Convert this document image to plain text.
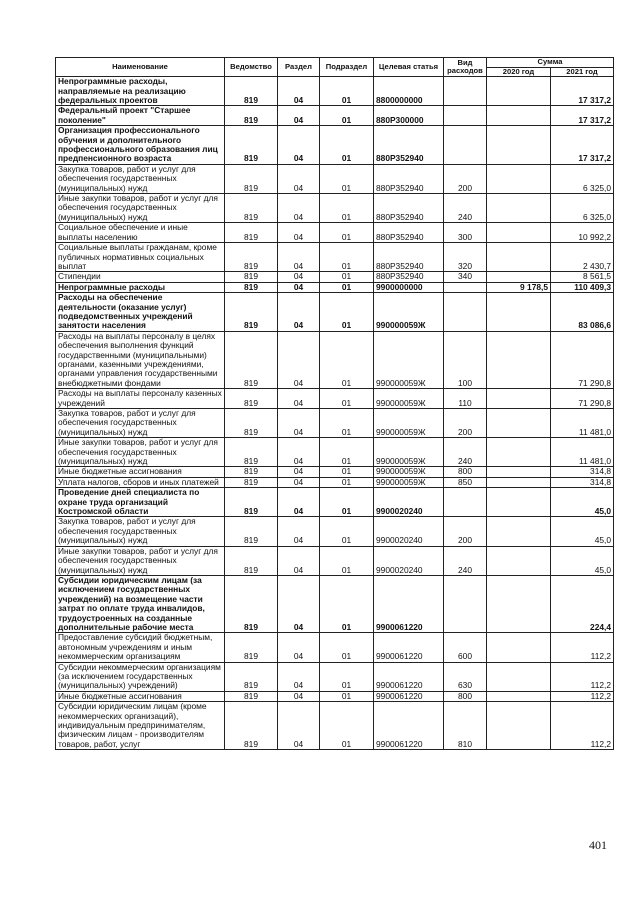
Наименование	Ведомство	Раздел	Подраздел	Целевая статья	Вид расходов	Сумма	
						2020 год	2021 год
Непрограммные расходы, направляемые на реализацию федеральных проектов	819	04	01	8800000000			17 317,2
Федеральный проект "Старшее поколение"	819	04	01	880P300000			17 317,2
Организация профессионального обучения и дополнительного профессионального образования лиц предпенсионного возраста	819	04	01	880P352940			17 317,2
Закупка товаров, работ и услуг для обеспечения государственных (муниципальных) нужд	819	04	01	880P352940	200		6 325,0
Иные закупки товаров, работ и услуг для обеспечения государственных (муниципальных) нужд	819	04	01	880P352940	240		6 325,0
Социальное обеспечение и иные выплаты населению	819	04	01	880P352940	300		10 992,2
Социальные выплаты гражданам, кроме публичных нормативных социальных выплат	819	04	01	880P352940	320		2 430,7
Стипендии	819	04	01	880P352940	340		8 561,5
Непрограммные расходы	819	04	01	9900000000		9 178,5	110 409,3
Расходы на обеспечение деятельности (оказание услуг) подведомственных учреждений занятости населения	819	04	01	990000059Ж			83 086,6
Расходы на выплаты персоналу в целях обеспечения выполнения функций государственными (муниципальными) органами, казенными учреждениями, органами управления государственными внебюджетными фондами	819	04	01	990000059Ж	100		71 290,8
Расходы на выплаты персоналу казенных учреждений	819	04	01	990000059Ж	110		71 290,8
Закупка товаров, работ и услуг для обеспечения государственных (муниципальных) нужд	819	04	01	990000059Ж	200		11 481,0
Иные закупки товаров, работ и услуг для обеспечения государственных (муниципальных) нужд	819	04	01	990000059Ж	240		11 481,0
Иные бюджетные ассигнования	819	04	01	990000059Ж	800		314,8
Уплата налогов, сборов и иных платежей	819	04	01	990000059Ж	850		314,8
Проведение дней специалиста по охране труда организаций Костромской области	819	04	01	9900020240			45,0
Закупка товаров, работ и услуг для обеспечения государственных (муниципальных) нужд	819	04	01	9900020240	200		45,0
Иные закупки товаров, работ и услуг для обеспечения государственных (муниципальных) нужд	819	04	01	9900020240	240		45,0
Субсидии юридическим лицам (за исключением государственных учреждений) на возмещение части затрат по оплате труда инвалидов, трудоустроенных на созданные дополнительные рабочие места	819	04	01	9900061220			224,4
Предоставление субсидий бюджетным, автономным учреждениям и иным некоммерческим организациям	819	04	01	9900061220	600		112,2
Субсидии некоммерческим организациям (за исключением государственных (муниципальных) учреждений)	819	04	01	9900061220	630		112,2
Иные бюджетные ассигнования	819	04	01	9900061220	800		112,2
Субсидии юридическим лицам (кроме некоммерческих организаций), индивидуальным предпринимателям, физическим лицам - производителям товаров, работ, услуг	819	04	01	9900061220	810		112,2
401
